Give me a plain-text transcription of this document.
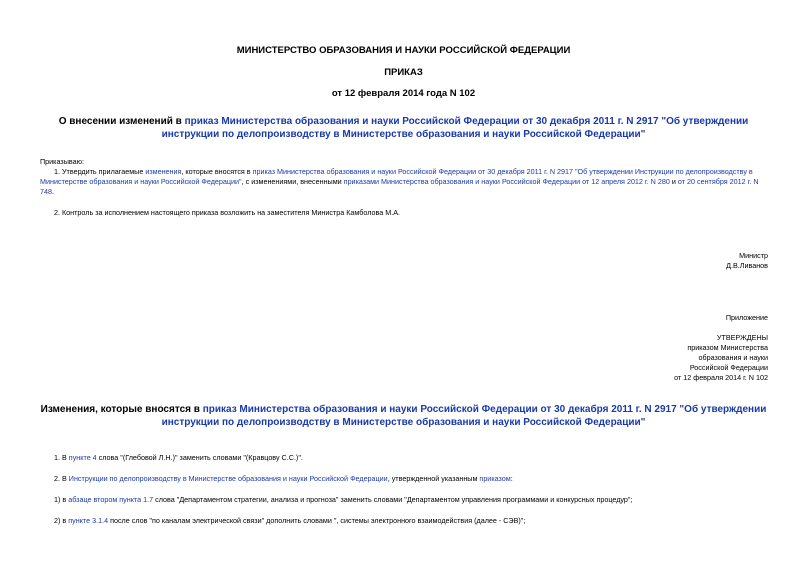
МИНИСТЕРСТВО ОБРАЗОВАНИЯ И НАУКИ РОССИЙСКОЙ ФЕДЕРАЦИИ
ПРИКАЗ
от 12 февраля 2014 года N 102
О внесении изменений в приказ Министерства образования и науки Российской Федерации от 30 декабря 2011 г. N 2917 "Об утверждении инструкции по делопроизводству в Министерстве образования и науки Российской Федерации"
Приказываю:
1. Утвердить прилагаемые изменения, которые вносятся в приказ Министерства образования и науки Российской Федерации от 30 декабря 2011 г. N 2917 "Об утверждении Инструкции по делопроизводству в Министерстве образования и науки Российской Федерации", с изменениями, внесенными приказами Министерства образования и науки Российской Федерации от 12 апреля 2012 г. N 280 и от 20 сентября 2012 г. N 748.
2. Контроль за исполнением настоящего приказа возложить на заместителя Министра Камболова М.А.
Министр
Д.В.Ливанов
Приложение
УТВЕРЖДЕНЫ
приказом Министерства
образования и науки
Российской Федерации
от 12 февраля 2014 г. N 102
Изменения, которые вносятся в приказ Министерства образования и науки Российской Федерации от 30 декабря 2011 г. N 2917 "Об утверждении инструкции по делопроизводству в Министерстве образования и науки Российской Федерации"
1. В пункте 4 слова "(Глебовой Л.Н.)" заменить словами "(Кравцову С.С.)".
2. В Инструкции по делопроизводству в Министерстве образования и науки Российской Федерации, утвержденной указанным приказом:
1) в абзаце втором пункта 1.7 слова "Департаментом стратегии, анализа и прогноза" заменить словами "Департаментом управления программами и конкурсных процедур";
2) в пункте 3.1.4 после слов "по каналам электрической связи" дополнить словами ", системы электронного взаимодействия (далее - СЭВ)";
